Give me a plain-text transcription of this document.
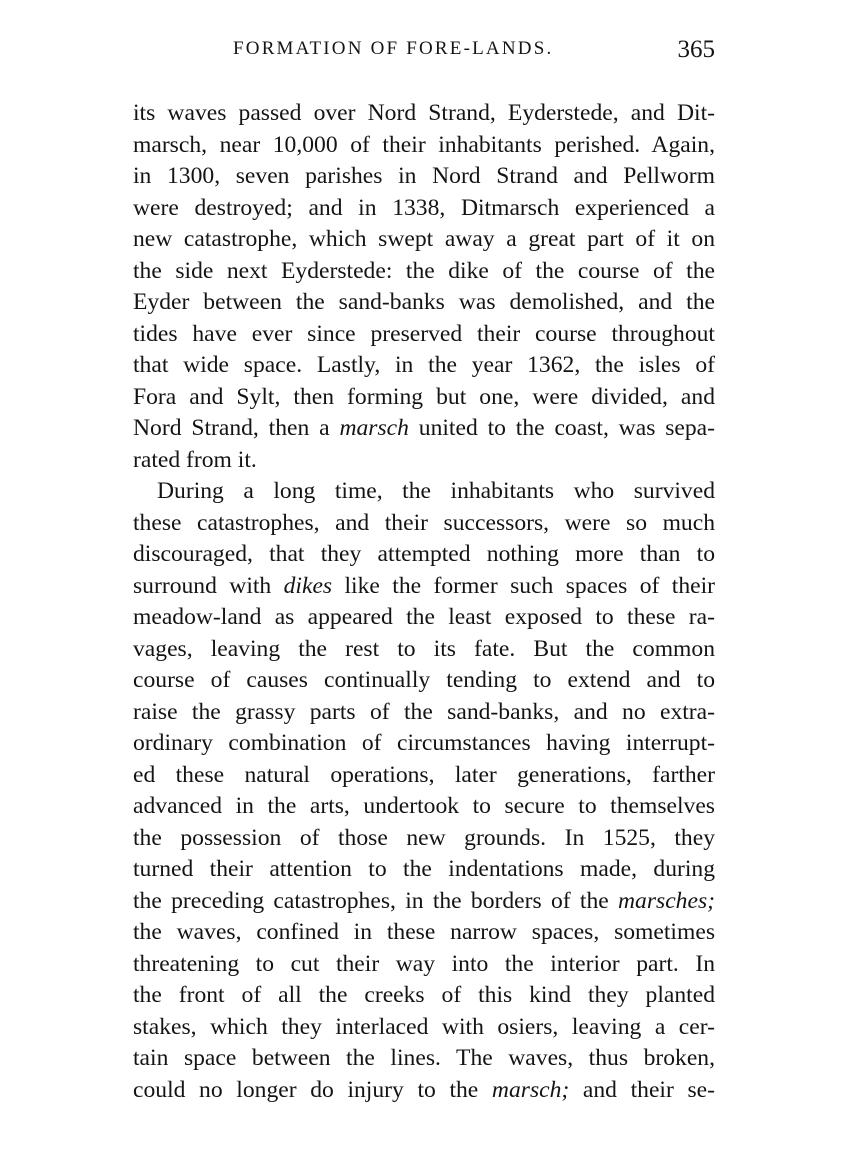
FORMATION OF FORE-LANDS.	365
its waves passed over Nord Strand, Eyderstede, and Dit-
marsch, near 10,000 of their inhabitants perished. Again,
in 1300, seven parishes in Nord Strand and Pellworm
were destroyed; and in 1338, Ditmarsch experienced a
new catastrophe, which swept away a great part of it on
the side next Eyderstede: the dike of the course of the
Eyder between the sand-banks was demolished, and the
tides have ever since preserved their course throughout
that wide space. Lastly, in the year 1362, the isles of
Fora and Sylt, then forming but one, were divided, and
Nord Strand, then a marsch united to the coast, was sepa-
rated from it.
During a long time, the inhabitants who survived
these catastrophes, and their successors, were so much
discouraged, that they attempted nothing more than to
surround with dikes like the former such spaces of their
meadow-land as appeared the least exposed to these ra-
vages, leaving the rest to its fate. But the common
course of causes continually tending to extend and to
raise the grassy parts of the sand-banks, and no extra-
ordinary combination of circumstances having interrupt-
ed these natural operations, later generations, farther
advanced in the arts, undertook to secure to themselves
the possession of those new grounds. In 1525, they
turned their attention to the indentations made, during
the preceding catastrophes, in the borders of the marsches;
the waves, confined in these narrow spaces, sometimes
threatening to cut their way into the interior part. In
the front of all the creeks of this kind they planted
stakes, which they interlaced with osiers, leaving a cer-
tain space between the lines. The waves, thus broken,
could no longer do injury to the marsch; and their se-
